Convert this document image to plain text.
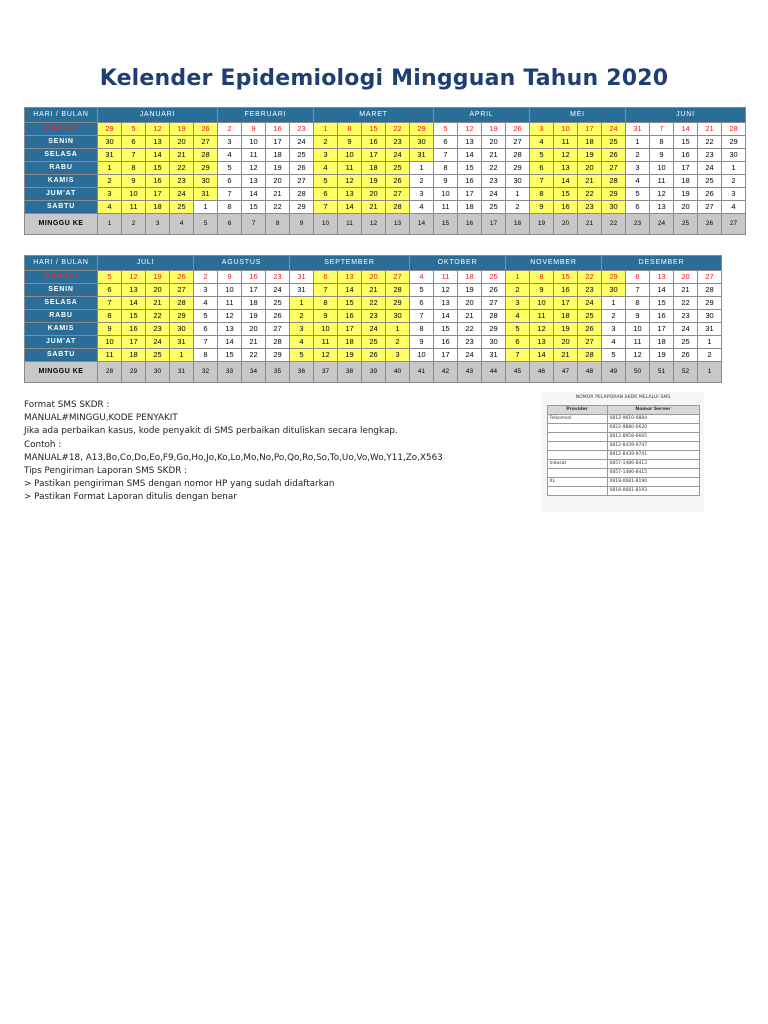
Kelender Epidemiologi Mingguan Tahun 2020
HARI / BULAN	JANUARI					FEBRUARI				MARET					APRIL				MEI				JUNI				
MINGGU	29	5	12	19	26	2	9	16	23	1	8	15	22	29	5	12	19	26	3	10	17	24	31	7	14	21	28
SENIN	30	6	13	20	27	3	10	17	24	2	9	16	23	30	6	13	20	27	4	11	18	25	1	8	15	22	29
SELASA	31	7	14	21	28	4	11	18	25	3	10	17	24	31	7	14	21	28	5	12	19	26	2	9	16	23	30
RABU	1	8	15	22	29	5	12	19	26	4	11	18	25	1	8	15	22	29	6	13	20	27	3	10	17	24	1
KAMIS	2	9	16	23	30	6	13	20	27	5	12	19	26	2	9	16	23	30	7	14	21	28	4	11	18	25	2
JUM'AT	3	10	17	24	31	7	14	21	28	6	13	20	27	3	10	17	24	1	8	15	22	29	5	12	19	26	3
SABTU	4	11	18	25	1	8	15	22	29	7	14	21	28	4	11	18	25	2	9	16	23	30	6	13	20	27	4
MINGGU KE	1	2	3	4	5	6	7	8	9	10	11	12	13	14	15	16	17	18	19	20	21	22	23	24	25	26	27
HARI / BULAN	JULI				AGUSTUS				SEPTEMBER					OKTOBER				NOVEMBER				DESEMBER				
MINGGU	5	12	19	26	2	9	16	23	31	6	13	20	27	4	11	18	25	1	8	15	22	29	6	13	20	27
SENIN	6	13	20	27	3	10	17	24	31	7	14	21	28	5	12	19	26	2	9	16	23	30	7	14	21	28
SELASA	7	14	21	28	4	11	18	25	1	8	15	22	29	6	13	20	27	3	10	17	24	1	8	15	22	29
RABU	8	15	22	29	5	12	19	26	2	9	16	23	30	7	14	21	28	4	11	18	25	2	9	16	23	30
KAMIS	9	16	23	30	6	13	20	27	3	10	17	24	1	8	15	22	29	5	12	19	26	3	10	17	24	31
JUM'AT	10	17	24	31	7	14	21	28	4	11	18	25	2	9	16	23	30	6	13	20	27	4	11	18	25	1
SABTU	11	18	25	1	8	15	22	29	5	12	19	26	3	10	17	24	31	7	14	21	28	5	12	19	26	2
MINGGU KE	28	29	30	31	32	33	34	35	36	37	38	39	40	41	42	43	44	45	46	47	48	49	50	51	52	1
Format SMS SKDR :
MANUAL#MINGGU,KODE PENYAKIT
Jika ada perbaikan kasus, kode penyakit di SMS perbaikan dituliskan secara lengkap.
Contoh :
MANUAL#18, A13,Bo,Co,Do,Eo,F9,Go,Ho,Jo,Ko,Lo,Mo,No,Po,Qo,Ro,So,To,Uo,Vo,Wo,Y11,Zo,X563
Tips Pengiriman Laporan SMS SKDR :
> Pastikan pengiriman SMS dengan nomor HP yang sudah didaftarkan
> Pastikan Format Laporan ditulis dengan benar
NOMOR PELAPORAN SKDR MELALUI SMS
Provider	Nomor Server
Telkomsel	0812-9610-0884
	0822-9880-0620
	0812-8958-6665
	0812-8439-9747
	0812-8439-9741
Indosat	0857-1486-8413
	0857-1486-8415
XL	0818-0681-8190
	0818-0681-8193
